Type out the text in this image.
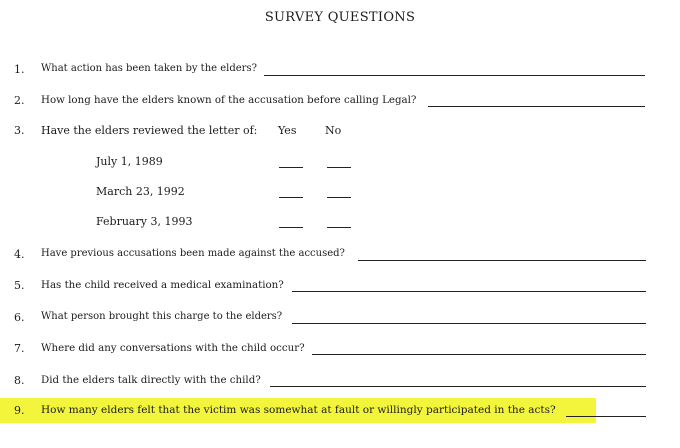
SURVEY QUESTIONS
1. What action has been taken by the elders?
2. How long have the elders known of the accusation before calling Legal?
3. Have the elders reviewed the letter of: Yes	No
July 1, 1989
March 23, 1992
February 3, 1993
4. Have previous accusations been made against the accused?
5. Has the child received a medical examination?
6. What person brought this charge to the elders?
7. Where did any conversations with the child occur?
8. Did the elders talk directly with the child?
9. How many elders felt that the victim was somewhat at fault or willingly participated in the acts?
